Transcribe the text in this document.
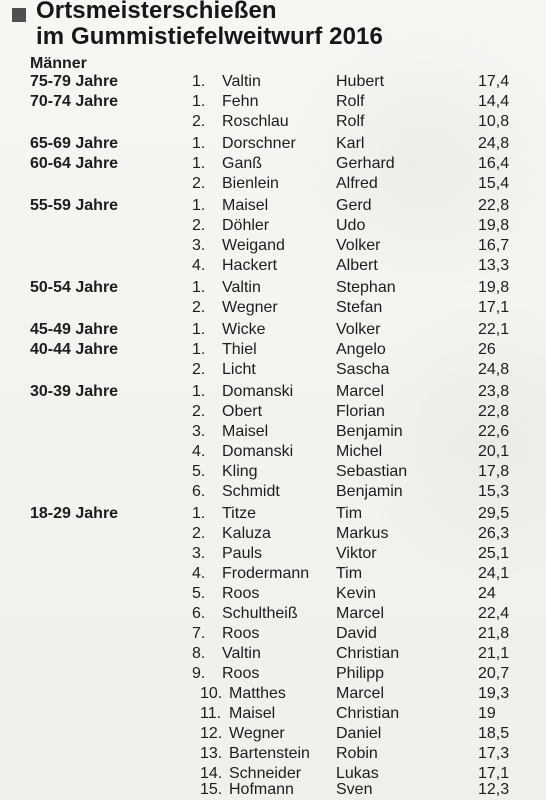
Ortsmeisterschießen
im Gummistiefelweitwurf 2016
Männer
75-79 Jahre	1. Valtin	Hubert	17,4
70-74 Jahre	1. Fehn	Rolf	14,4
2. Roschlau	Rolf	10,8
65-69 Jahre	1. Dorschner	Karl	24,8
60-64 Jahre	1. Ganß	Gerhard	16,4
2. Bienlein	Alfred	15,4
55-59 Jahre	1. Maisel	Gerd	22,8
2. Döhler	Udo	19,8
3. Weigand	Volker	16,7
4. Hackert	Albert	13,3
50-54 Jahre	1. Valtin	Stephan	19,8
2. Wegner	Stefan	17,1
45-49 Jahre	1. Wicke	Volker	22,1
40-44 Jahre	1. Thiel	Angelo	26
2. Licht	Sascha	24,8
30-39 Jahre	1. Domanski	Marcel	23,8
2. Obert	Florian	22,8
3. Maisel	Benjamin	22,6
4. Domanski	Michel	20,1
5. Kling	Sebastian	17,8
6. Schmidt	Benjamin	15,3
18-29 Jahre	1. Titze	Tim	29,5
2. Kaluza	Markus	26,3
3. Pauls	Viktor	25,1
4. Frodermann	Tim	24,1
5. Roos	Kevin	24
6. Schultheiß	Marcel	22,4
7. Roos	David	21,8
8. Valtin	Christian	21,1
9. Roos	Philipp	20,7
10. Matthes	Marcel	19,3
11. Maisel	Christian	19
12. Wegner	Daniel	18,5
13. Bartenstein	Robin	17,3
14. Schneider	Lukas	17,1
15. Hofmann	Sven	12,3
